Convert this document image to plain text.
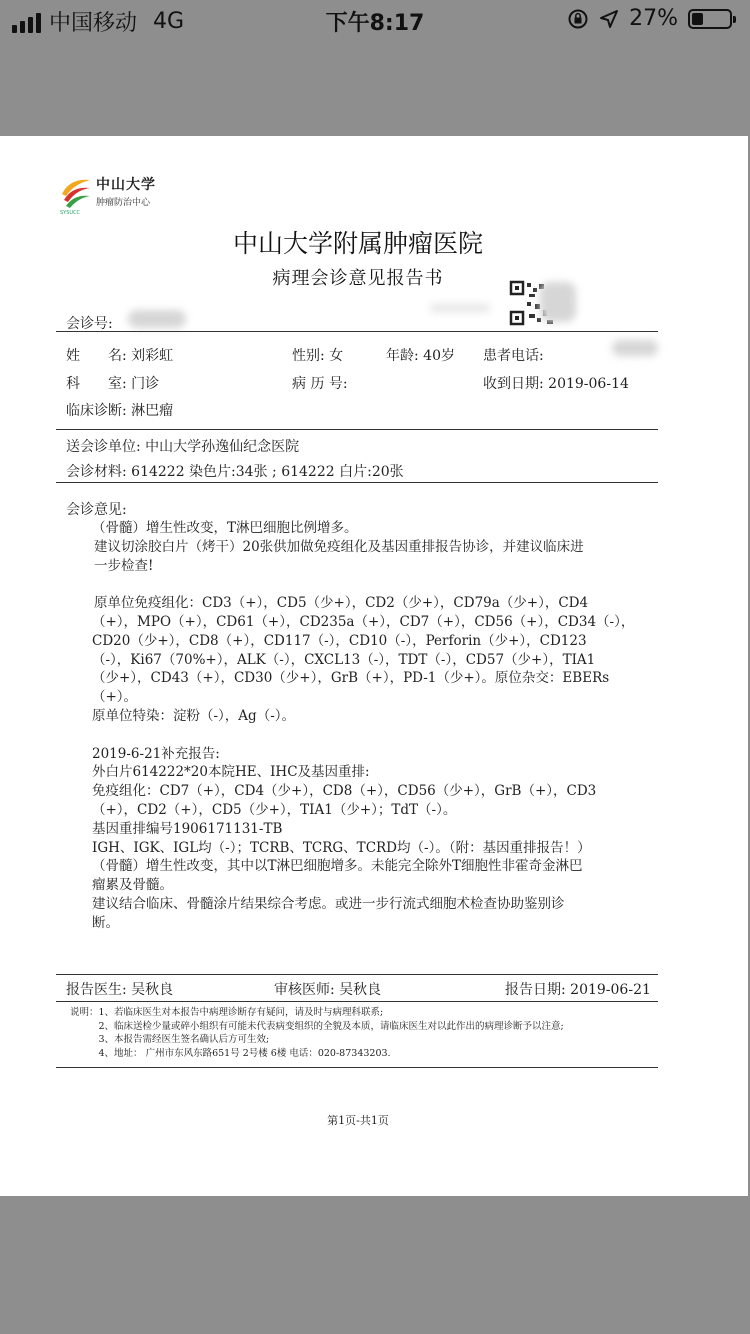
中国移动 4G	下午8:17	27%
中山大学
肿瘤防治中心
SYSUCC
中山大学附属肿瘤医院
病理会诊意见报告书
会诊号:
姓　　名: 刘彩虹	性别: 女	年龄: 40岁 患者电话:
科　　室: 门诊	病 历 号:	收到日期: 2019-06-14
临床诊断: 淋巴瘤
送会诊单位: 中山大学孙逸仙纪念医院
会诊材料: 614222 染色片:34张 ; 614222 白片:20张
会诊意见:
（骨髓）增生性改变，T淋巴细胞比例增多。
建议切涂胶白片（烤干）20张供加做免疫组化及基因重排报告协诊，并建议临床进
一步检查!
原单位免疫组化：CD3（+），CD5（少+），CD2（少+），CD79a（少+），CD4
（+），MPO（+），CD61（+），CD235a（+），CD7（+），CD56（+），CD34（-），
CD20（少+），CD8（+），CD117（-），CD10（-），Perforin（少+），CD123
（-），Ki67（70%+），ALK（-），CXCL13（-），TDT（-），CD57（少+），TIA1
（少+），CD43（+），CD30（少+），GrB（+），PD-1（少+）。原位杂交：EBERs
（+）。
原单位特染：淀粉（-），Ag（-）。
2019-6-21补充报告:
外白片614222*20本院HE、IHC及基因重排:
免疫组化：CD7（+），CD4（少+），CD8（+），CD56（少+），GrB（+），CD3
（+），CD2（+），CD5（少+），TIA1（少+）；TdT（-）。
基因重排编号1906171131-TB
IGH、IGK、IGL均（-）；TCRB、TCRG、TCRD均（-）。（附：基因重排报告！）
（骨髓）增生性改变，其中以T淋巴细胞增多。未能完全除外T细胞性非霍奇金淋巴
瘤累及骨髓。
建议结合临床、骨髓涂片结果综合考虑。或进一步行流式细胞术检查协助鉴别诊
断。
报告医生: 吴秋良	审核医师: 吴秋良	报告日期: 2019-06-21
说明：1、若临床医生对本报告中病理诊断存有疑问，请及时与病理科联系;
　　　2、临床送检少量或碎小组织有可能未代表病变组织的全貌及本质，请临床医生对以此作出的病理诊断予以注意;
　　　3、本报告需经医生签名确认后方可生效;
　　　4、地址： 广州市东风东路651号 2号楼 6楼 电话：020-87343203.
第1页-共1页
